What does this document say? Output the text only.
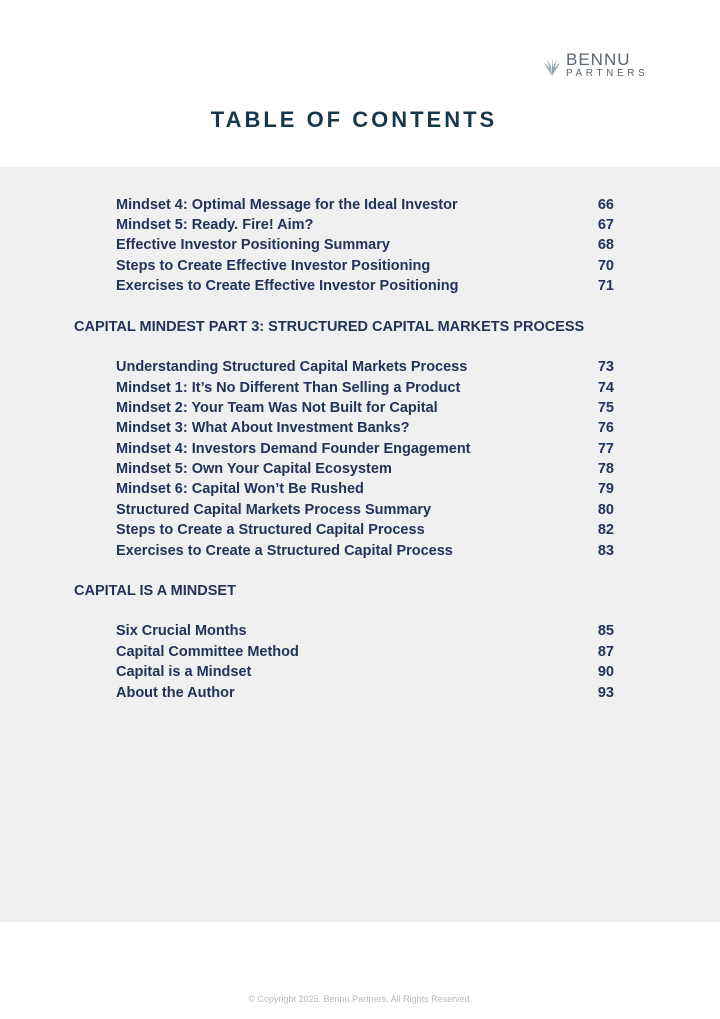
BENNU
PARTNERS
TABLE OF CONTENTS
Mindset 4: Optimal Message for the Ideal Investor	66
Mindset 5: Ready. Fire! Aim?	67
Effective Investor Positioning Summary	68
Steps to Create Effective Investor Positioning	70
Exercises to Create Effective Investor Positioning	71
CAPITAL MINDEST PART 3: STRUCTURED CAPITAL MARKETS PROCESS
Understanding Structured Capital Markets Process	73
Mindset 1: It’s No Different Than Selling a Product	74
Mindset 2: Your Team Was Not Built for Capital	75
Mindset 3: What About Investment Banks?	76
Mindset 4: Investors Demand Founder Engagement	77
Mindset 5: Own Your Capital Ecosystem	78
Mindset 6: Capital Won’t Be Rushed	79
Structured Capital Markets Process Summary	80
Steps to Create a Structured Capital Process	82
Exercises to Create a Structured Capital Process	83
CAPITAL IS A MINDSET
Six Crucial Months	85
Capital Committee Method	87
Capital is a Mindset	90
About the Author	93
© Copyright 2025. Bennu Partners. All Rights Reserved
